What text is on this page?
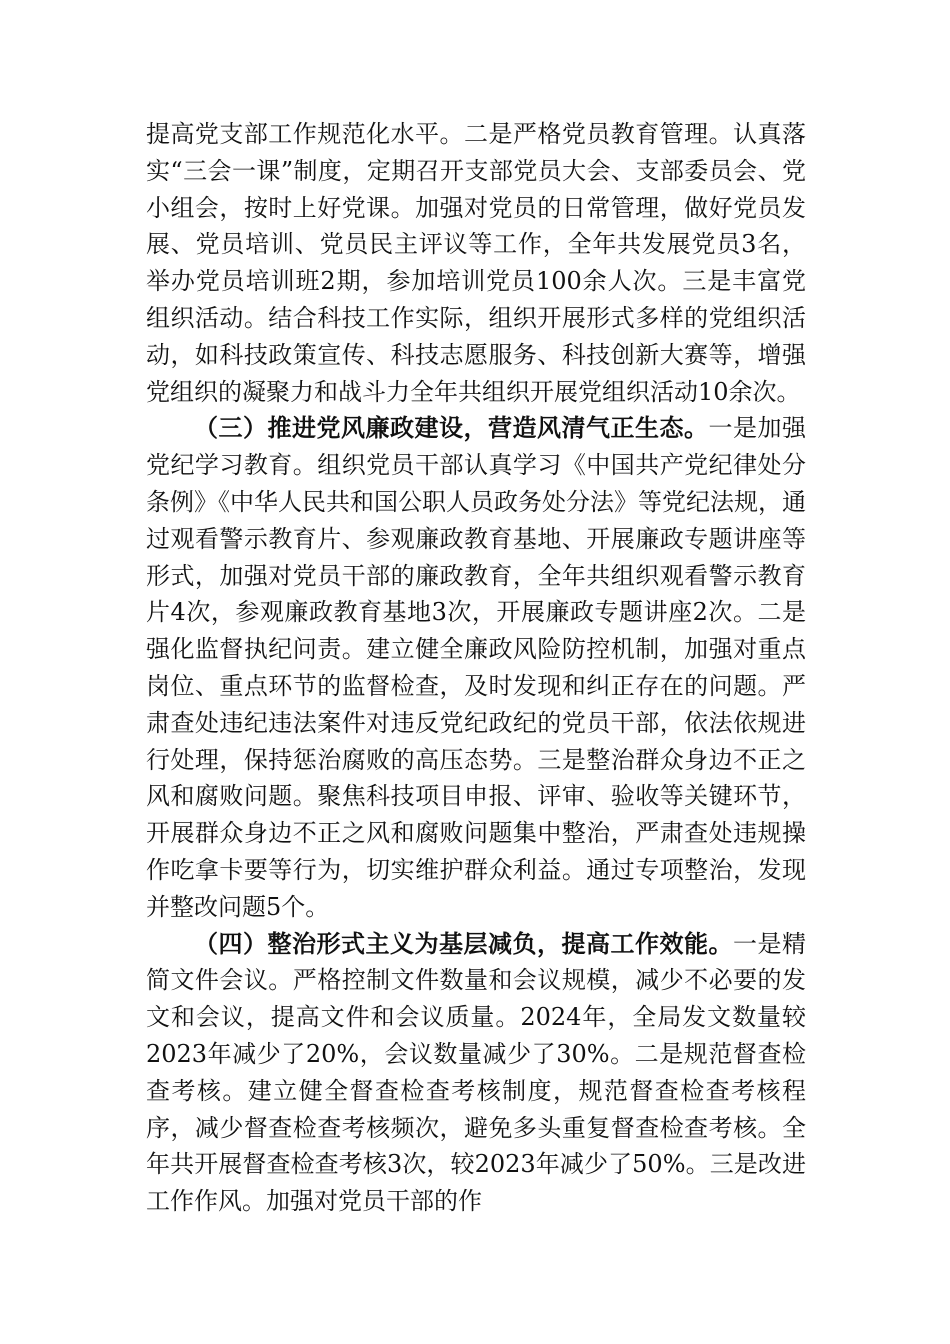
提高党支部工作规范化水平。二是严格党员教育管理。认真落实“三会一课”制度，定期召开支部党员大会、支部委员会、党小组会，按时上好党课。加强对党员的日常管理，做好党员发展、党员培训、党员民主评议等工作，全年共发展党员3名，举办党员培训班2期，参加培训党员100余人次。三是丰富党组织活动。结合科技工作实际，组织开展形式多样的党组织活动，如科技政策宣传、科技志愿服务、科技创新大赛等，增强党组织的凝聚力和战斗力全年共组织开展党组织活动10余次。

（三）推进党风廉政建设，营造风清气正生态。一是加强党纪学习教育。组织党员干部认真学习《中国共产党纪律处分条例》《中华人民共和国公职人员政务处分法》等党纪法规，通过观看警示教育片、参观廉政教育基地、开展廉政专题讲座等形式，加强对党员干部的廉政教育，全年共组织观看警示教育片4次，参观廉政教育基地3次，开展廉政专题讲座2次。二是强化监督执纪问责。建立健全廉政风险防控机制，加强对重点岗位、重点环节的监督检查，及时发现和纠正存在的问题。严肃查处违纪违法案件对违反党纪政纪的党员干部，依法依规进行处理，保持惩治腐败的高压态势。三是整治群众身边不正之风和腐败问题。聚焦科技项目申报、评审、验收等关键环节，开展群众身边不正之风和腐败问题集中整治，严肃查处违规操作吃拿卡要等行为，切实维护群众利益。通过专项整治，发现并整改问题5个。

（四）整治形式主义为基层减负，提高工作效能。一是精简文件会议。严格控制文件数量和会议规模，减少不必要的发文和会议，提高文件和会议质量。2024年，全局发文数量较2023年减少了20%，会议数量减少了30%。二是规范督查检查考核。建立健全督查检查考核制度，规范督查检查考核程序，减少督查检查考核频次，避免多头重复督查检查考核。全年共开展督查检查考核3次，较2023年减少了50%。三是改进工作作风。加强对党员干部的作
